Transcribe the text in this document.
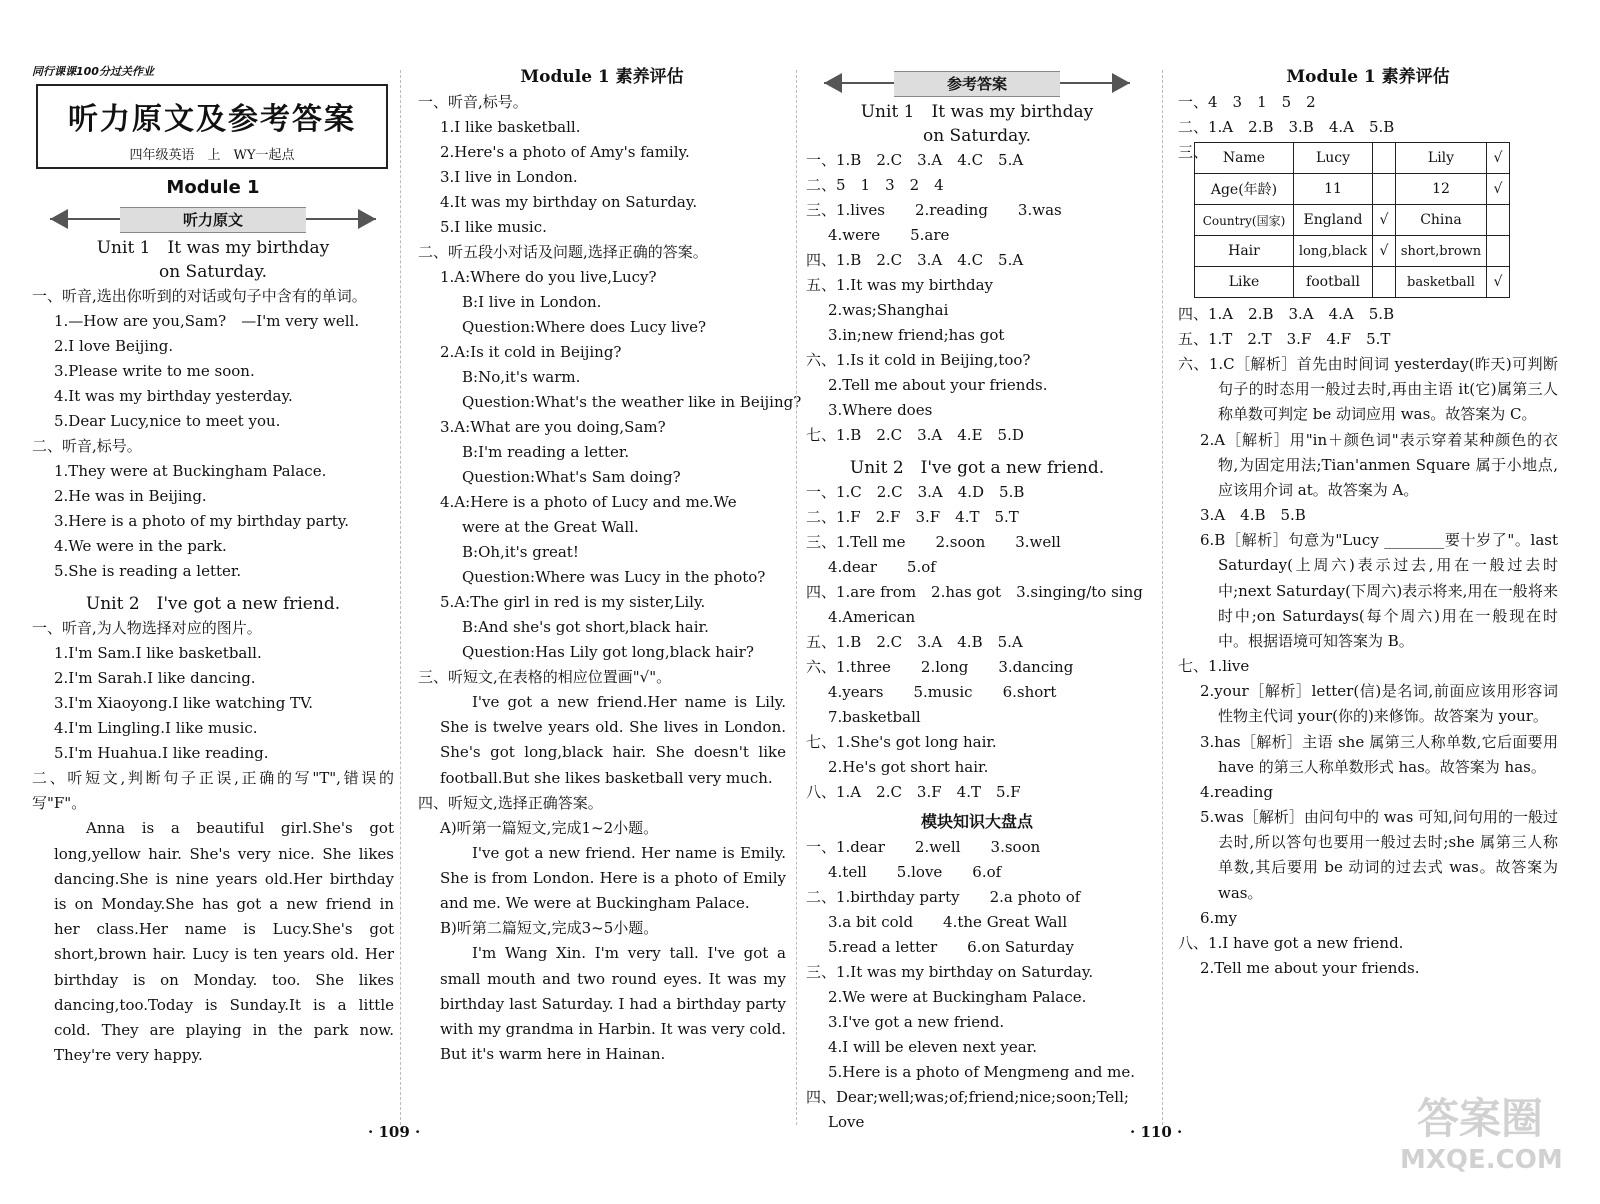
同行课课100分过关作业
听力原文及参考答案
四年级英语　上　WY一起点
Module 1
听力原文
Unit 1　It was my birthday
on Saturday.
一、听音,选出你听到的对话或句子中含有的单词。
1.—How are you,Sam?　—I'm very well.
2.I love Beijing.
3.Please write to me soon.
4.It was my birthday yesterday.
5.Dear Lucy,nice to meet you.
二、听音,标号。
1.They were at Buckingham Palace.
2.He was in Beijing.
3.Here is a photo of my birthday party.
4.We were in the park.
5.She is reading a letter.
Unit 2　I've got a new friend.
一、听音,为人物选择对应的图片。
1.I'm Sam.I like basketball.
2.I'm Sarah.I like dancing.
3.I'm Xiaoyong.I like watching TV.
4.I'm Lingling.I like music.
5.I'm Huahua.I like reading.
二、听短文,判断句子正误,正确的写"T",错误的写"F"。
Anna is a beautiful girl.She's got long,yellow hair. She's very nice. She likes dancing.She is nine years old.Her birthday is on Monday.She has got a new friend in her class.Her name is Lucy.She's got short,brown hair. Lucy is ten years old. Her birthday is on Monday. too. She likes dancing,too.Today is Sunday.It is a little cold. They are playing in the park now. They're very happy.
Module 1 素养评估
一、听音,标号。
1.I like basketball.
2.Here's a photo of Amy's family.
3.I live in London.
4.It was my birthday on Saturday.
5.I like music.
二、听五段小对话及问题,选择正确的答案。
1.A:Where do you live,Lucy?
B:I live in London.
Question:Where does Lucy live?
2.A:Is it cold in Beijing?
B:No,it's warm.
Question:What's the weather like in Beijing?
3.A:What are you doing,Sam?
B:I'm reading a letter.
Question:What's Sam doing?
4.A:Here is a photo of Lucy and me.We
were at the Great Wall.
B:Oh,it's great!
Question:Where was Lucy in the photo?
5.A:The girl in red is my sister,Lily.
B:And she's got short,black hair.
Question:Has Lily got long,black hair?
三、听短文,在表格的相应位置画"√"。
I've got a new friend.Her name is Lily. She is twelve years old. She lives in London. She's got long,black hair. She doesn't like football.But she likes basketball very much.
四、听短文,选择正确答案。
A)听第一篇短文,完成1~2小题。
I've got a new friend. Her name is Emily. She is from London. Here is a photo of Emily and me. We were at Buckingham Palace.
B)听第二篇短文,完成3~5小题。
I'm Wang Xin. I'm very tall. I've got a small mouth and two round eyes. It was my birthday last Saturday. I had a birthday party with my grandma in Harbin. It was very cold. But it's warm here in Hainan.
参考答案
Unit 1　It was my birthday
on Saturday.
一、1.B　2.C　3.A　4.C　5.A
二、5　1　3　2　4
三、1.lives　　2.reading　　3.was
4.were　　5.are
四、1.B　2.C　3.A　4.C　5.A
五、1.It was my birthday
2.was;Shanghai
3.in;new friend;has got
六、1.Is it cold in Beijing,too?
2.Tell me about your friends.
3.Where does
七、1.B　2.C　3.A　4.E　5.D
Unit 2　I've got a new friend.
一、1.C　2.C　3.A　4.D　5.B
二、1.F　2.F　3.F　4.T　5.T
三、1.Tell me　　2.soon　　3.well
4.dear　　5.of
四、1.are from　2.has got　3.singing/to sing
4.American
五、1.B　2.C　3.A　4.B　5.A
六、1.three　　2.long　　3.dancing
4.years　　5.music　　6.short
7.basketball
七、1.She's got long hair.
2.He's got short hair.
八、1.A　2.C　3.F　4.T　5.F
模块知识大盘点
一、1.dear　　2.well　　3.soon
4.tell　　5.love　　6.of
二、1.birthday party　　2.a photo of
3.a bit cold　　4.the Great Wall
5.read a letter　　6.on Saturday
三、1.It was my birthday on Saturday.
2.We were at Buckingham Palace.
3.I've got a new friend.
4.I will be eleven next year.
5.Here is a photo of Mengmeng and me.
四、Dear;well;was;of;friend;nice;soon;Tell;
Love
Module 1 素养评估
一、4　3　1　5　2
二、1.A　2.B　3.B　4.A　5.B
三、 Name	Lucy		Lily	√
Age(年龄)	11		12	√
Country(国家)	England	√	China	
Hair	long,black	√	short,brown	
Like	football		basketball	√
四、1.A　2.B　3.A　4.A　5.B
五、1.T　2.T　3.F　4.F　5.T
六、1.C［解析］首先由时间词 yesterday(昨天)可判断句子的时态用一般过去时,再由主语 it(它)属第三人称单数可判定 be 动词应用 was。故答案为 C。
2.A［解析］用"in＋颜色词"表示穿着某种颜色的衣物,为固定用法;Tian'anmen Square 属于小地点,应该用介词 at。故答案为 A。
3.A　4.B　5.B
6.B［解析］句意为"Lucy ________要十岁了"。last Saturday(上周六)表示过去,用在一般过去时中;next Saturday(下周六)表示将来,用在一般将来时中;on Saturdays(每个周六)用在一般现在时中。根据语境可知答案为 B。
七、1.live
2.your［解析］letter(信)是名词,前面应该用形容词性物主代词 your(你的)来修饰。故答案为 your。
3.has［解析］主语 she 属第三人称单数,它后面要用 have 的第三人称单数形式 has。故答案为 has。
4.reading
5.was［解析］由问句中的 was 可知,问句用的一般过去时,所以答句也要用一般过去时;she 属第三人称单数,其后要用 be 动词的过去式 was。故答案为 was。
6.my
八、1.I have got a new friend.
2.Tell me about your friends.
· 109 ·	· 110 ·	答案圈
MXQE.COM
